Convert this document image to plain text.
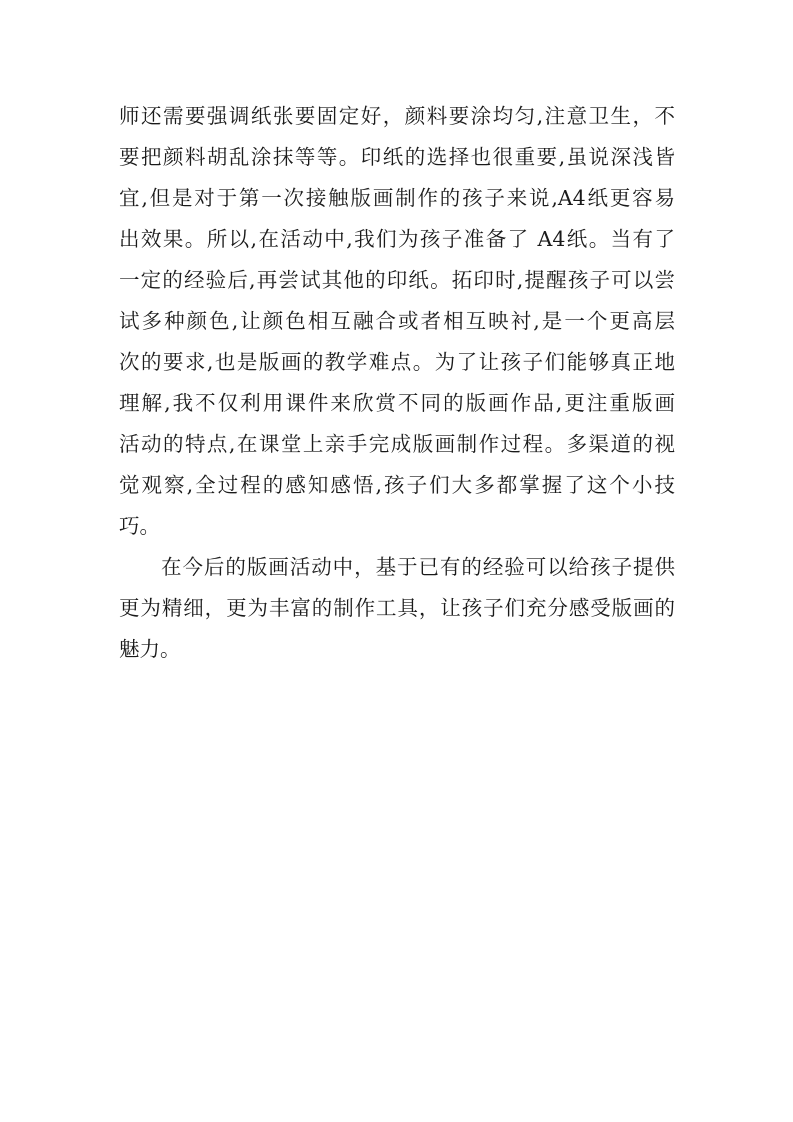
师还需要强调纸张要固定好，颜料要涂均匀,注意卫生，不
要把颜料胡乱涂抹等等。印纸的选择也很重要,虽说深浅皆
宜,但是对于第一次接触版画制作的孩子来说,A4纸更容易
出效果。所以,在活动中,我们为孩子准备了 A4纸。当有了
一定的经验后,再尝试其他的印纸。拓印时,提醒孩子可以尝
试多种颜色,让颜色相互融合或者相互映衬,是一个更高层
次的要求,也是版画的教学难点。为了让孩子们能够真正地
理解,我不仅利用课件来欣赏不同的版画作品,更注重版画
活动的特点,在课堂上亲手完成版画制作过程。多渠道的视
觉观察,全过程的感知感悟,孩子们大多都掌握了这个小技
巧。
在今后的版画活动中，基于已有的经验可以给孩子提供
更为精细，更为丰富的制作工具，让孩子们充分感受版画的
魅力。
